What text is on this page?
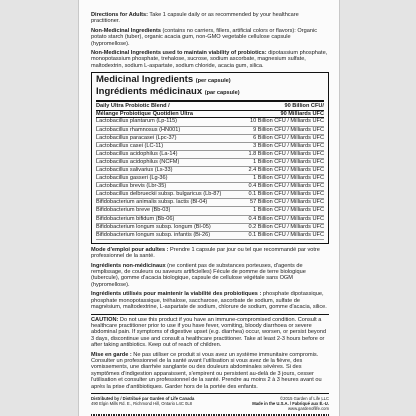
Directions for Adults: Take 1 capsule daily or as recommended by your healthcare practitioner.

Non-Medicinal Ingredients (contains no carriers, fillers, artificial colors or flavors): Organic potato starch (tuber), organic acacia gum, non-GMO vegetable cellulose capsule (hypromellose).

Non-Medicinal Ingredients used to maintain viability of probiotics: dipotassium phosphate, monopotassium phosphate, trehalose, sucrose, sodium ascorbate, magnesium sulfate, maltodextrin, sodium L-aspartate, sodium chloride, acacia gum, silica.

Medicinal Ingredients (per capsule)
Ingrédients médicinaux (par capsule)
Daily Ultra Probiotic Blend /	90 Billion CFU/
Mélange Probiotique Quotidien Ultra	90 Milliards UFC
Lactobacillus plantarum (Lp-115)	10 Billion CFU / Milliards UFC
Lactobacillus rhamnosus (HN001)	9 Billion CFU / Milliards UFC
Lactobacillus paracasei (Lpc-37)	6 Billion CFU / Milliards UFC
Lactobacillus casei (LC-11)	3 Billion CFU / Milliards UFC
Lactobacillus acidophilus (La-14)	1.8 Billion CFU / Milliards UFC
Lactobacillus acidophilus (NCFM)	1 Billion CFU / Milliards UFC
Lactobacillus salivarius (Ls-33)	2.4 Billion CFU / Milliards UFC
Lactobacillus gasseri (Lg-36)	1 Billion CFU / Milliards UFC
Lactobacillus brevis (Lbr-35)	0.4 Billion CFU / Milliards UFC
Lactobacillus delbrueckii subsp. bulgaricus (Lb-87)	0.1 Billion CFU / Milliards UFC
Bifidobacterium animalis subsp. lactis (Bl-04)	57 Billion CFU / Milliards UFC
Bifidobacterium breve (Bb-03)	1 Billion CFU / Milliards UFC
Bifidobacterium bifidum (Bb-06)	0.4 Billion CFU / Milliards UFC
Bifidobacterium longum subsp. longum (Bl-05)	0.2 Billion CFU / Milliards UFC
Bifidobacterium longum subsp. infantis (Bi-26)	0.1 Billion CFU / Milliards UFC

Mode d'emploi pour adultes : Prendre 1 capsule par jour ou tel que recommandé par votre professionnel de la santé.

Ingrédients non-médicinaux (ne contient pas de substances porteuses, d'agents de remplissage, de couleurs ou saveurs artificielles) Fécule de pomme de terre biologique (tubercule), gomme d'acacia biologique, capsule de cellulose végétale sans OGM (hypromellose).

Ingrédients utilisés pour maintenir la viabilité des probiotiques : phosphate dipotassique, phosphate monopotassique, tréhalose, saccharose, ascorbate de sodium, sulfate de magnésium, maltodextrine, L-aspartate de sodium, chlorure de sodium, gomme d'acacia, silice.

CAUTION: Do not use this product if you have an immune-compromised condition. Consult a healthcare practitioner prior to use if you have fever, vomiting, bloody diarrhoea or severe abdominal pain. If symptoms of digestive upset (e.g. diarrhea) occur, worsen, or persist beyond 3 days, discontinue use and consult a healthcare practitioner. Take at least 2-3 hours before or after taking antibiotics. Keep out of reach of children.

Mise en garde : Ne pas utiliser ce produit si vous avez un système immunitaire compromis. Consulter un professionnel de la santé avant l'utilisation si vous avez de la fièvre, des vomissements, une diarrhée sanglante ou des douleurs abdominales sévères. Si des symptômes d'indigestion apparaissent, s'empirent ou persistent au-delà de 3 jours, cesser l'utilisation et consulter un professionnel de la santé. Prendre au moins 2 à 3 heures avant ou après la prise d'antibiotiques. Garder hors de la portée des enfants.

Distributed by / Distribué par Garden of Life Canada
490 Elgin Mills Rd. E., Richmond Hill, Ontario L4C 0L8
©2015 Garden of Life LLC
Made in the U.S.A. / Fabriqué aux É.-U.
www.gardenoflife.com
